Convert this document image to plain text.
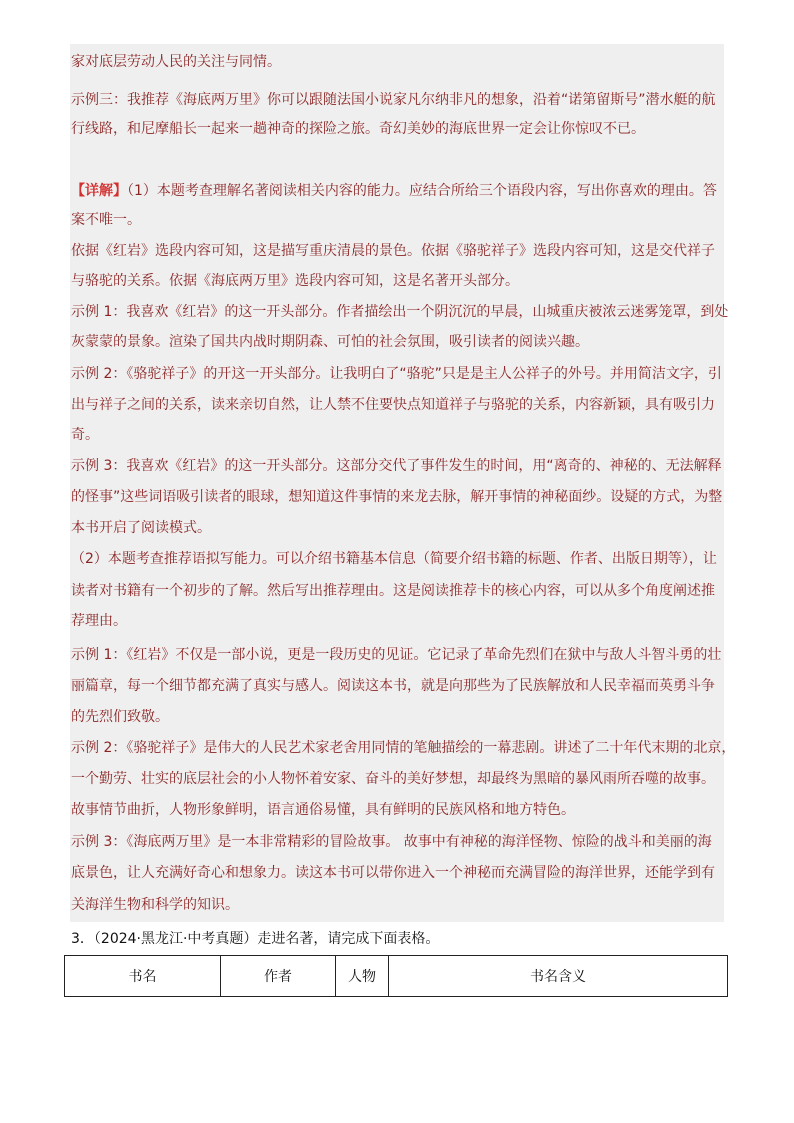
家对底层劳动人民的关注与同情。
示例三：我推荐《海底两万里》你可以跟随法国小说家凡尔纳非凡的想象，沿着“诺第留斯号”潜水艇的航
行线路，和尼摩船长一起来一趟神奇的探险之旅。奇幻美妙的海底世界一定会让你惊叹不已。
【详解】（1）本题考查理解名著阅读相关内容的能力。应结合所给三个语段内容，写出你喜欢的理由。答
案不唯一。
依据《红岩》选段内容可知，这是描写重庆清晨的景色。依据《骆驼祥子》选段内容可知，这是交代祥子
与骆驼的关系。依据《海底两万里》选段内容可知，这是名著开头部分。
示例 1：我喜欢《红岩》的这一开头部分。作者描绘出一个阴沉沉的早晨，山城重庆被浓云迷雾笼罩，到处
灰蒙蒙的景象。渲染了国共内战时期阴森、可怕的社会氛围，吸引读者的阅读兴趣。
示例 2：《骆驼祥子》的开这一开头部分。让我明白了“骆驼”只是是主人公祥子的外号。并用简洁文字，引
出与祥子之间的关系，读来亲切自然，让人禁不住要快点知道祥子与骆驼的关系，内容新颖，具有吸引力
奇。
示例 3：我喜欢《红岩》的这一开头部分。这部分交代了事件发生的时间，用“离奇的、神秘的、无法解释
的怪事”这些词语吸引读者的眼球，想知道这件事情的来龙去脉，解开事情的神秘面纱。设疑的方式，为整
本书开启了阅读模式。
（2）本题考查推荐语拟写能力。可以介绍书籍基本信息（简要介绍书籍的标题、作者、出版日期等），让
读者对书籍有一个初步的了解。然后写出推荐理由。这是阅读推荐卡的核心内容，可以从多个角度阐述推
荐理由。
示例 1：《红岩》不仅是一部小说，更是一段历史的见证。它记录了革命先烈们在狱中与敌人斗智斗勇的壮
丽篇章，每一个细节都充满了真实与感人。阅读这本书，就是向那些为了民族解放和人民幸福而英勇斗争
的先烈们致敬。
示例 2：《骆驼祥子》是伟大的人民艺术家老舍用同情的笔触描绘的一幕悲剧。讲述了二十年代末期的北京，
一个勤劳、壮实的底层社会的小人物怀着安家、奋斗的美好梦想，却最终为黑暗的暴风雨所吞噬的故事。
故事情节曲折，人物形象鲜明，语言通俗易懂，具有鲜明的民族风格和地方特色。
示例 3：《海底两万里》是一本非常精彩的冒险故事。 故事中有神秘的海洋怪物、惊险的战斗和美丽的海
底景色，让人充满好奇心和想象力。读这本书可以带你进入一个神秘而充满冒险的海洋世界，还能学到有
关海洋生物和科学的知识。
3．（2024·黑龙江·中考真题）走进名著，请完成下面表格。
书名	作者	人物	书名含义
